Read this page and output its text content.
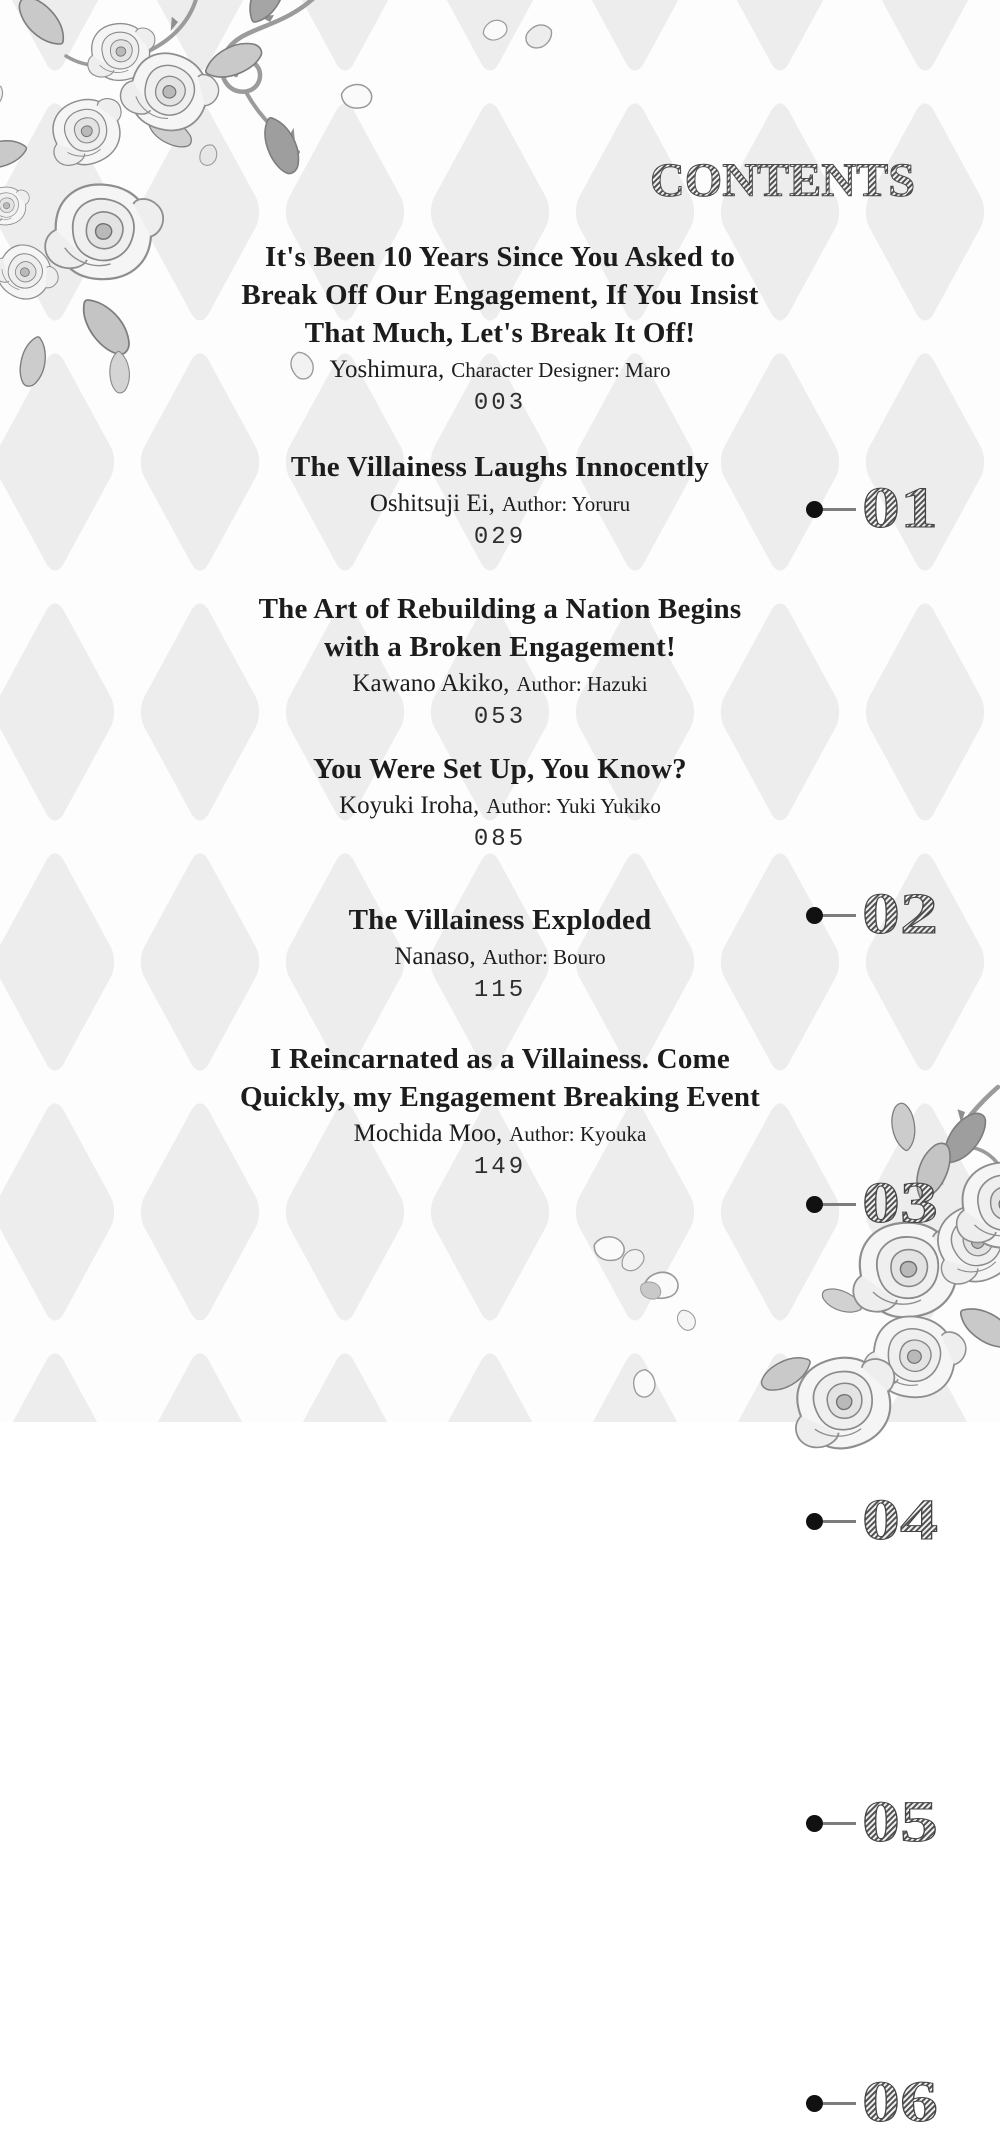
CONTENTS
It's Been 10 Years Since You Asked to
Break Off Our Engagement, If You Insist
That Much, Let's Break It Off!
Yoshimura, Character Designer: Maro
003
01
The Villainess Laughs Innocently
Oshitsuji Ei, Author: Yoruru
029
02
The Art of Rebuilding a Nation Begins
with a Broken Engagement!
Kawano Akiko, Author: Hazuki
053
03
You Were Set Up, You Know?
Koyuki Iroha, Author: Yuki Yukiko
085
04
The Villainess Exploded
Nanaso, Author: Bouro
115
05
I Reincarnated as a Villainess. Come
Quickly, my Engagement Breaking Event
Mochida Moo, Author: Kyouka
149
06
